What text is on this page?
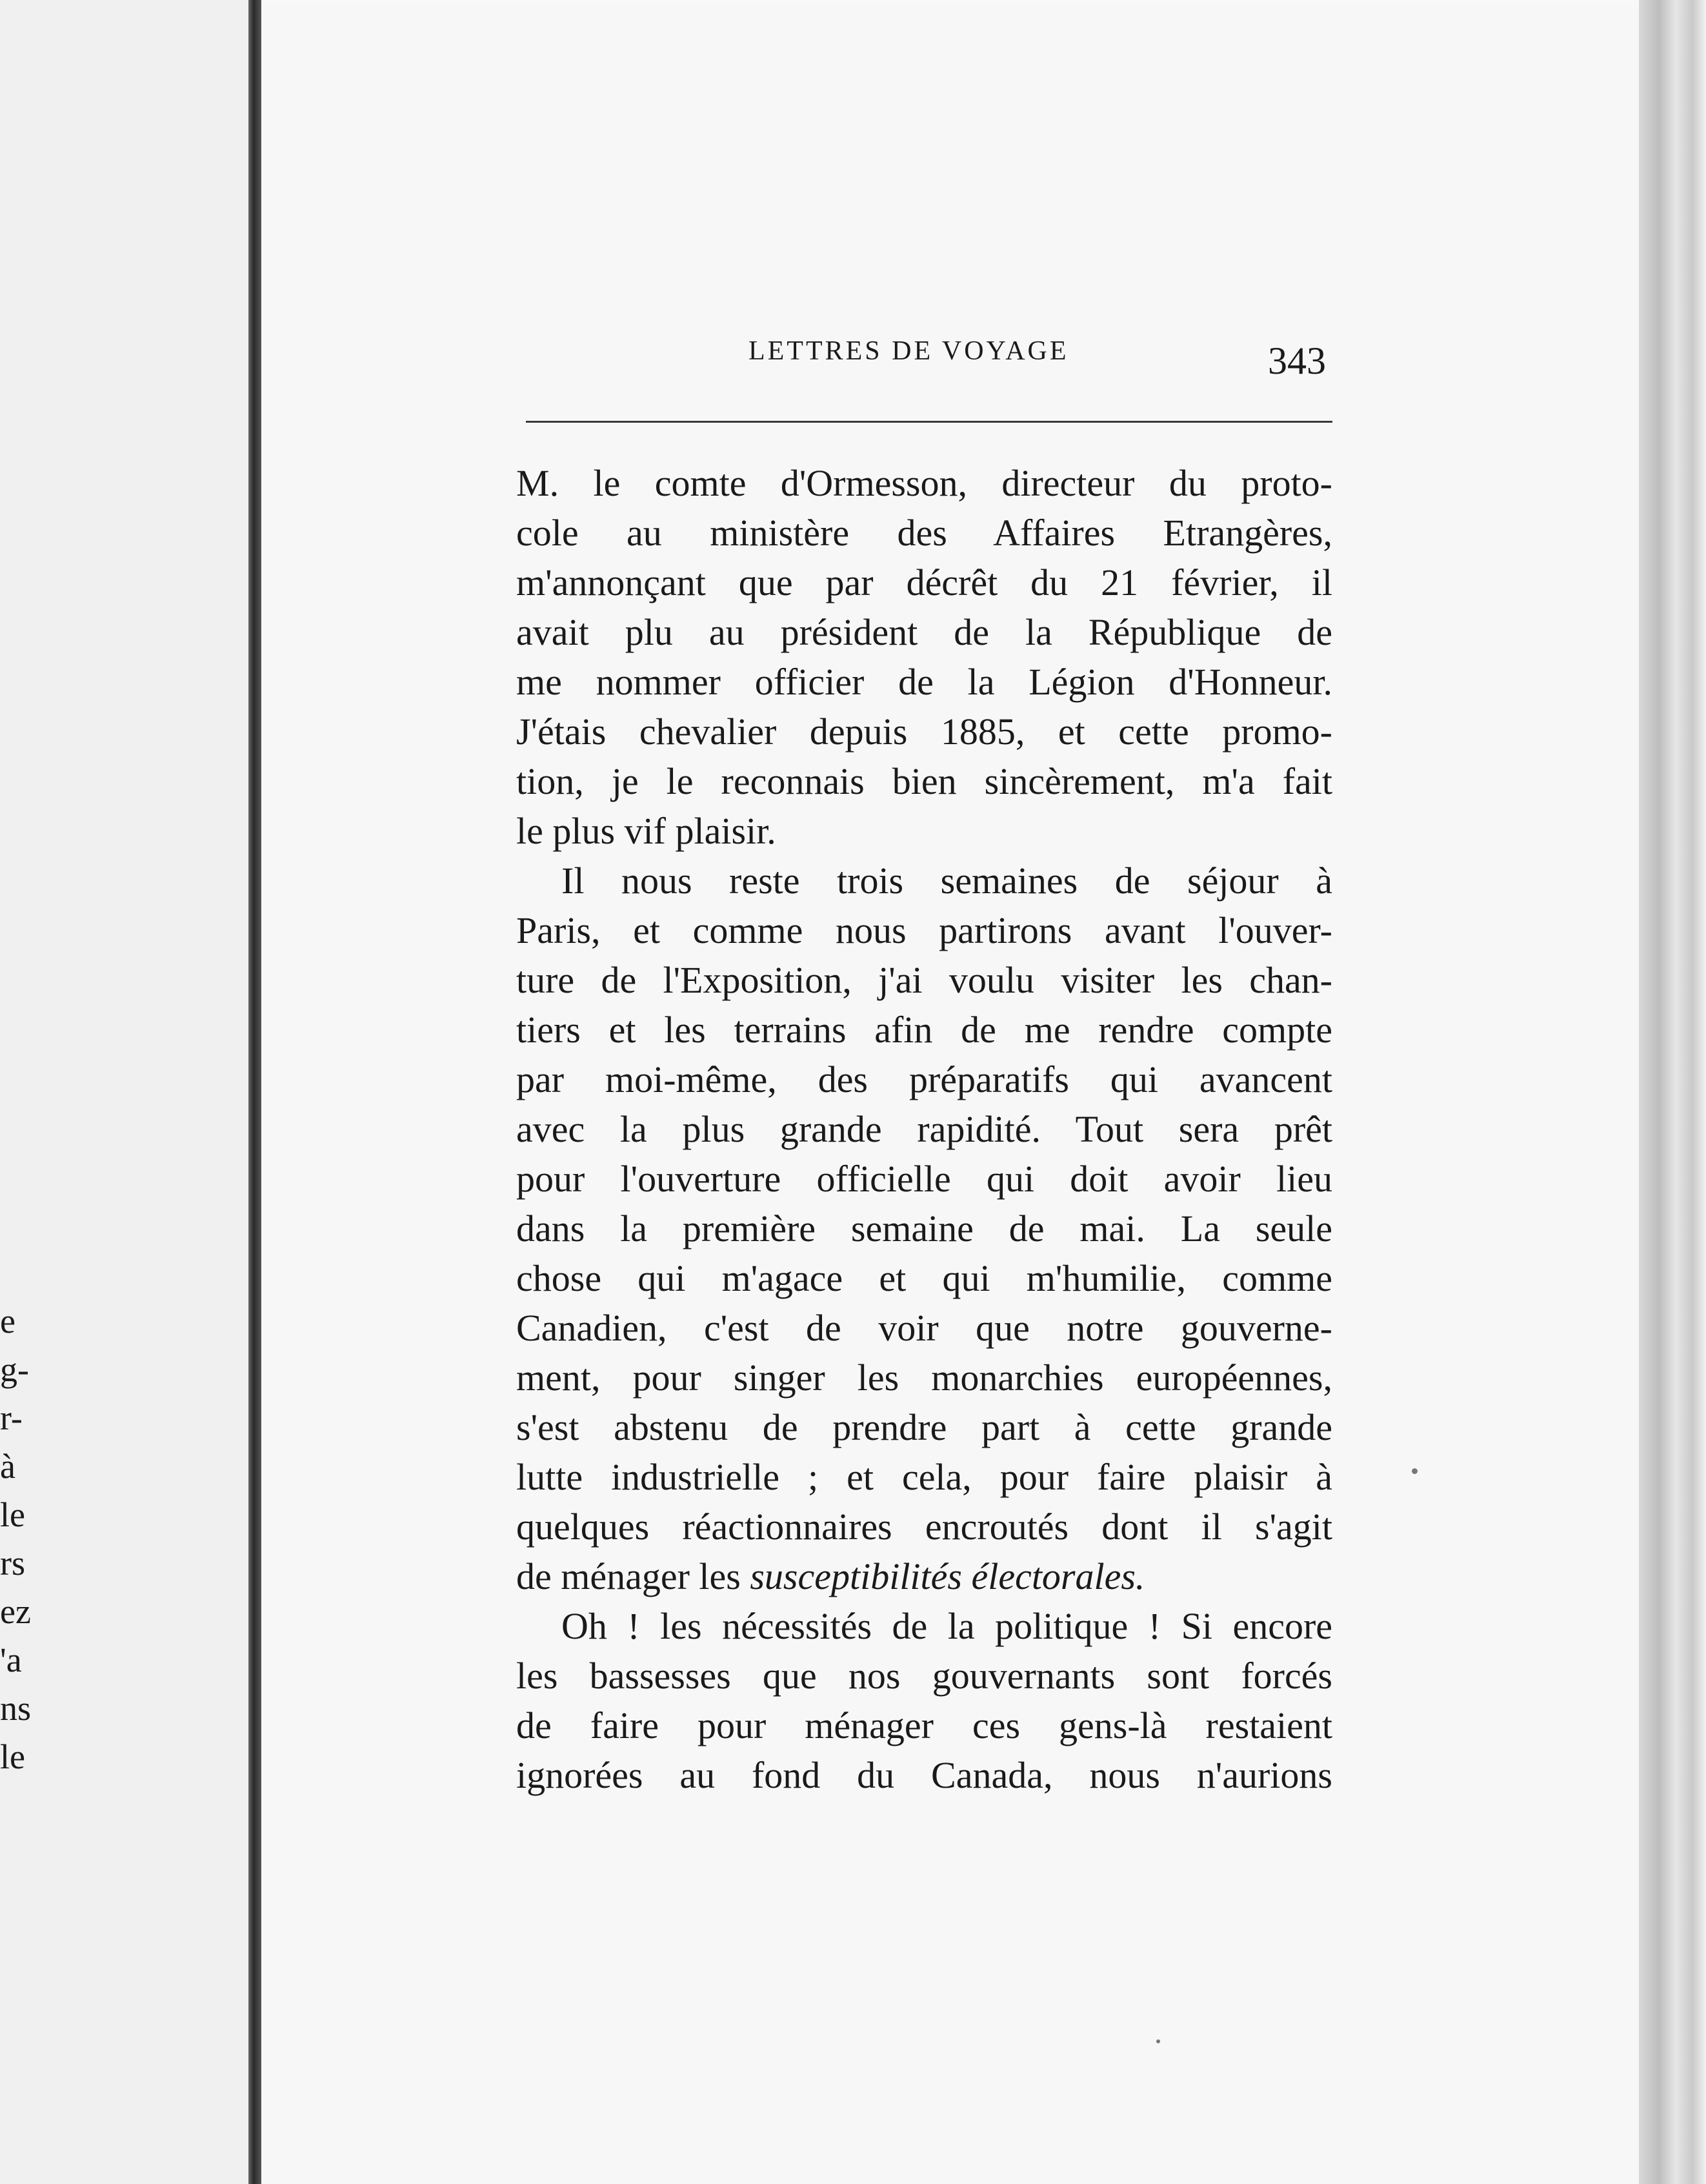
e
g-
r-
à
le
rs
ez
'a
ns
le
LETTRES DE VOYAGE	343
M. le comte d'Ormesson, directeur du proto-
cole au ministère des Affaires Etrangères,
m'annonçant que par décrêt du 21 février, il
avait plu au président de la République de
me nommer officier de la Légion d'Honneur.
J'étais chevalier depuis 1885, et cette promo-
tion, je le reconnais bien sincèrement, m'a fait
le plus vif plaisir.
Il nous reste trois semaines de séjour à
Paris, et comme nous partirons avant l'ouver-
ture de l'Exposition, j'ai voulu visiter les chan-
tiers et les terrains afin de me rendre compte
par moi-même, des préparatifs qui avancent
avec la plus grande rapidité. Tout sera prêt
pour l'ouverture officielle qui doit avoir lieu
dans la première semaine de mai. La seule
chose qui m'agace et qui m'humilie, comme
Canadien, c'est de voir que notre gouverne-
ment, pour singer les monarchies européennes,
s'est abstenu de prendre part à cette grande
lutte industrielle ; et cela, pour faire plaisir à
quelques réactionnaires encroutés dont il s'agit
de ménager les susceptibilités électorales.
Oh ! les nécessités de la politique ! Si encore
les bassesses que nos gouvernants sont forcés
de faire pour ménager ces gens-là restaient
ignorées au fond du Canada, nous n'aurions
